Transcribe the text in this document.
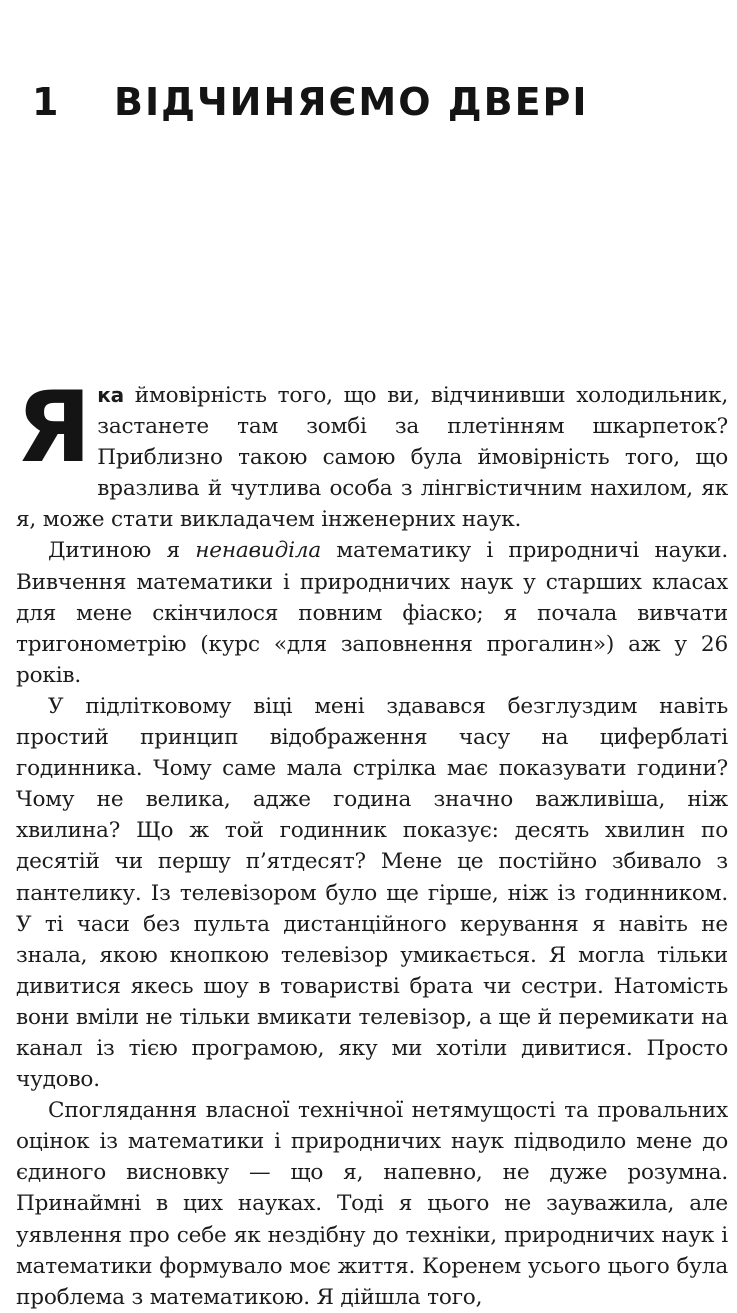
1 ВІДЧИНЯЄМО ДВЕРІ

Яка ймовірність того, що ви, відчинивши холодильник, застанете там зомбі за плетінням шкарпеток? Приблизно такою самою була ймовірність того, що вразлива й чутлива особа з лінгвістичним нахилом, як я, може стати викладачем інженерних наук.

Дитиною я ненавиділа математику і природничі науки. Вивчення математики і природничих наук у старших класах для мене скінчилося повним фіаско; я почала вивчати тригонометрію (курс «для заповнення прогалин») аж у 26 років.

У підлітковому віці мені здавався безглуздим навіть простий принцип відображення часу на циферблаті годинника. Чому саме мала стрілка має показувати години? Чому не велика, адже година значно важливіша, ніж хвилина? Що ж той годинник показує: десять хвилин по десятій чи першу п’ятдесят? Мене це постійно збивало з пантелику. Із телевізором було ще гірше, ніж із годинником. У ті часи без пульта дистанційного керування я навіть не знала, якою кнопкою телевізор умикається. Я могла тільки дивитися якесь шоу в товаристві брата чи сестри. Натомість вони вміли не тільки вмикати телевізор, а ще й перемикати на канал із тією програмою, яку ми хотіли дивитися. Просто чудово.

Споглядання власної технічної нетямущості та провальних оцінок із математики і природничих наук підводило мене до єдиного висновку — що я, напевно, не дуже розумна. Принаймні в цих науках. Тоді я цього не зауважила, але уявлення про себе як нездібну до техніки, природничих наук і математики формувало моє життя. Коренем усього цього була проблема з математикою. Я дійшла того,
